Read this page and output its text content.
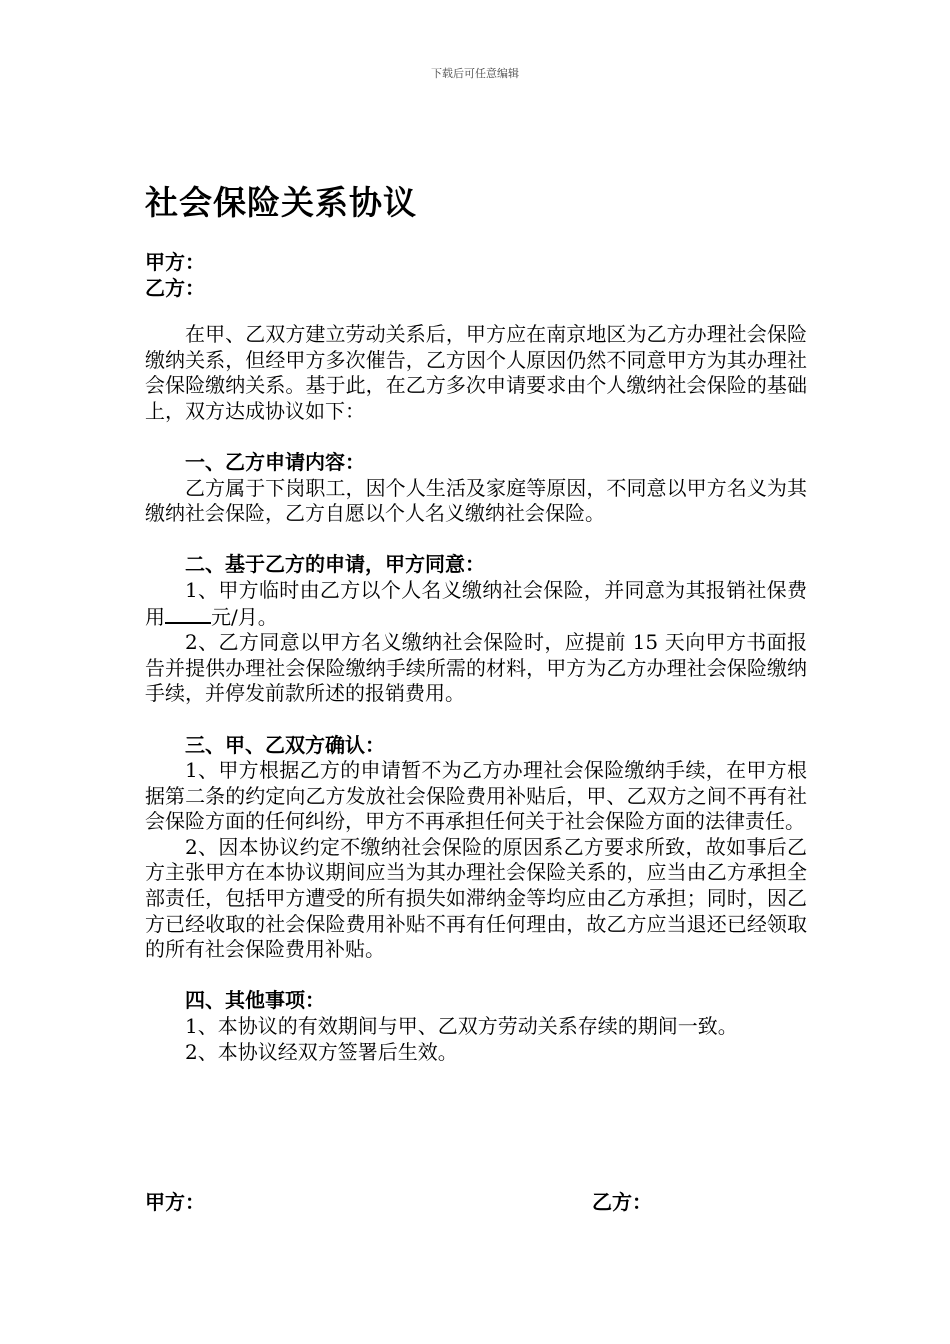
下载后可任意编辑
社会保险关系协议
甲方：
乙方：

在甲、乙双方建立劳动关系后，甲方应在南京地区为乙方办理社会保险缴纳关系，但经甲方多次催告，乙方因个人原因仍然不同意甲方为其办理社会保险缴纳关系。基于此，在乙方多次申请要求由个人缴纳社会保险的基础上，双方达成协议如下：

一、乙方申请内容：

乙方属于下岗职工，因个人生活及家庭等原因，不同意以甲方名义为其缴纳社会保险，乙方自愿以个人名义缴纳社会保险。

二、基于乙方的申请，甲方同意：

1、甲方临时由乙方以个人名义缴纳社会保险，并同意为其报销社保费用 元/月。

2、乙方同意以甲方名义缴纳社会保险时，应提前 15 天向甲方书面报告并提供办理社会保险缴纳手续所需的材料，甲方为乙方办理社会保险缴纳手续，并停发前款所述的报销费用。

三、甲、乙双方确认：

1、甲方根据乙方的申请暂不为乙方办理社会保险缴纳手续，在甲方根据第二条的约定向乙方发放社会保险费用补贴后，甲、乙双方之间不再有社会保险方面的任何纠纷，甲方不再承担任何关于社会保险方面的法律责任。

2、因本协议约定不缴纳社会保险的原因系乙方要求所致，故如事后乙方主张甲方在本协议期间应当为其办理社会保险关系的，应当由乙方承担全部责任，包括甲方遭受的所有损失如滞纳金等均应由乙方承担；同时，因乙方已经收取的社会保险费用补贴不再有任何理由，故乙方应当退还已经领取的所有社会保险费用补贴。

四、其他事项：

1、本协议的有效期间与甲、乙双方劳动关系存续的期间一致。

2、本协议经双方签署后生效。

甲方：	乙方：
